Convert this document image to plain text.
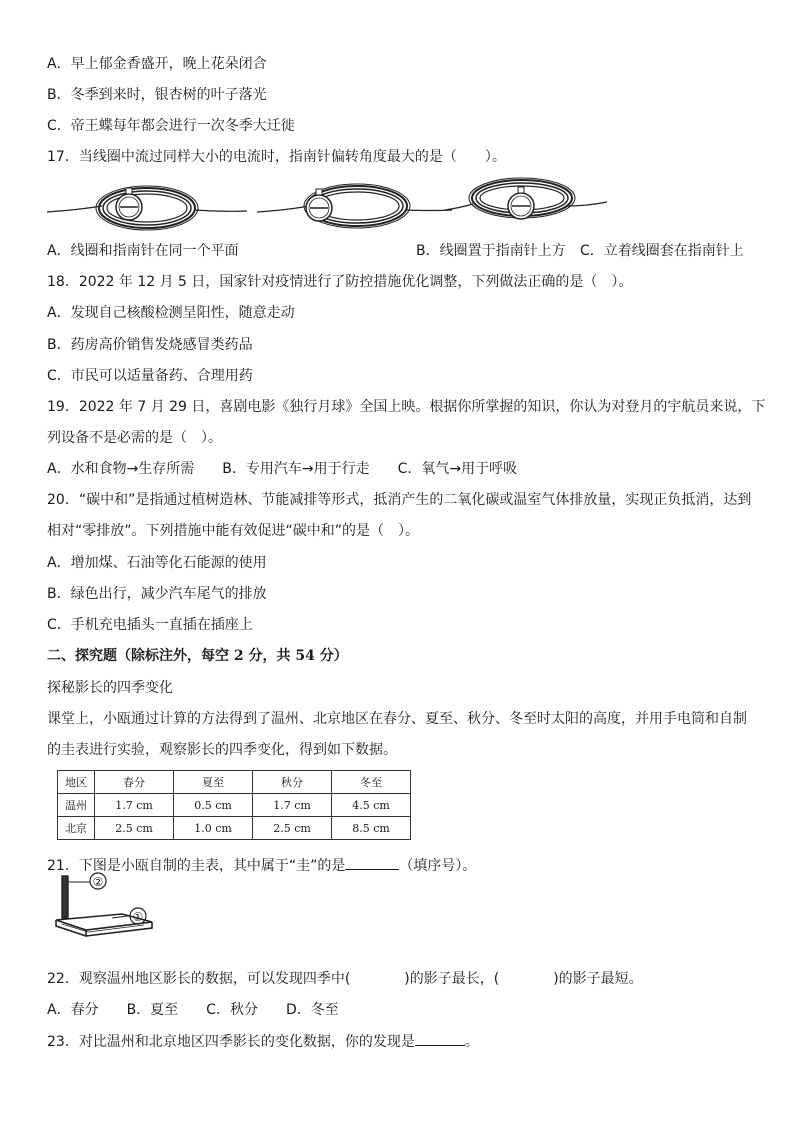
A．早上郁金香盛开，晚上花朵闭合
B．冬季到来时，银杏树的叶子落光
C．帝王蝶每年都会进行一次冬季大迁徙
17．当线圈中流过同样大小的电流时，指南针偏转角度最大的是（　　）。
A．线圈和指南针在同一个平面	B．线圈置于指南针上方 C．立着线圈套在指南针上
18．2022 年 12 月 5 日，国家针对疫情进行了防控措施优化调整，下列做法正确的是（　）。
A．发现自己核酸检测呈阳性，随意走动
B．药房高价销售发烧感冒类药品
C．市民可以适量备药、合理用药
19．2022 年 7 月 29 日，喜剧电影《独行月球》全国上映。根据你所掌握的知识，你认为对登月的宇航员来说，下
列设备不是必需的是（　）。
A．水和食物→生存所需　　B．专用汽车→用于行走　　C．氧气→用于呼吸
20．“碳中和”是指通过植树造林、节能减排等形式，抵消产生的二氧化碳或温室气体排放量，实现正负抵消，达到
相对“零排放”。下列措施中能有效促进“碳中和”的是（　）。
A．增加煤、石油等化石能源的使用
B．绿色出行，减少汽车尾气的排放
C．手机充电插头一直插在插座上
二、探究题（除标注外，每空 2 分，共 54 分）
探秘影长的四季变化
课堂上，小瓯通过计算的方法得到了温州、北京地区在春分、夏至、秋分、冬至时太阳的高度，并用手电筒和自制
的圭表进行实验，观察影长的四季变化，得到如下数据。
地区	春分	夏至	秋分	冬至
温州	1.7 cm	0.5 cm	1.7 cm	4.5 cm
北京	2.5 cm	1.0 cm	2.5 cm	8.5 cm
21．下图是小瓯自制的圭表，其中属于“圭”的是	（填序号）。
②
①
22．观察温州地区影长的数据，可以发现四季中(	)的影子最长，(	)的影子最短。
A．春分　　B．夏至　　C．秋分　　D．冬至
23．对比温州和北京地区四季影长的变化数据，你的发现是	。
